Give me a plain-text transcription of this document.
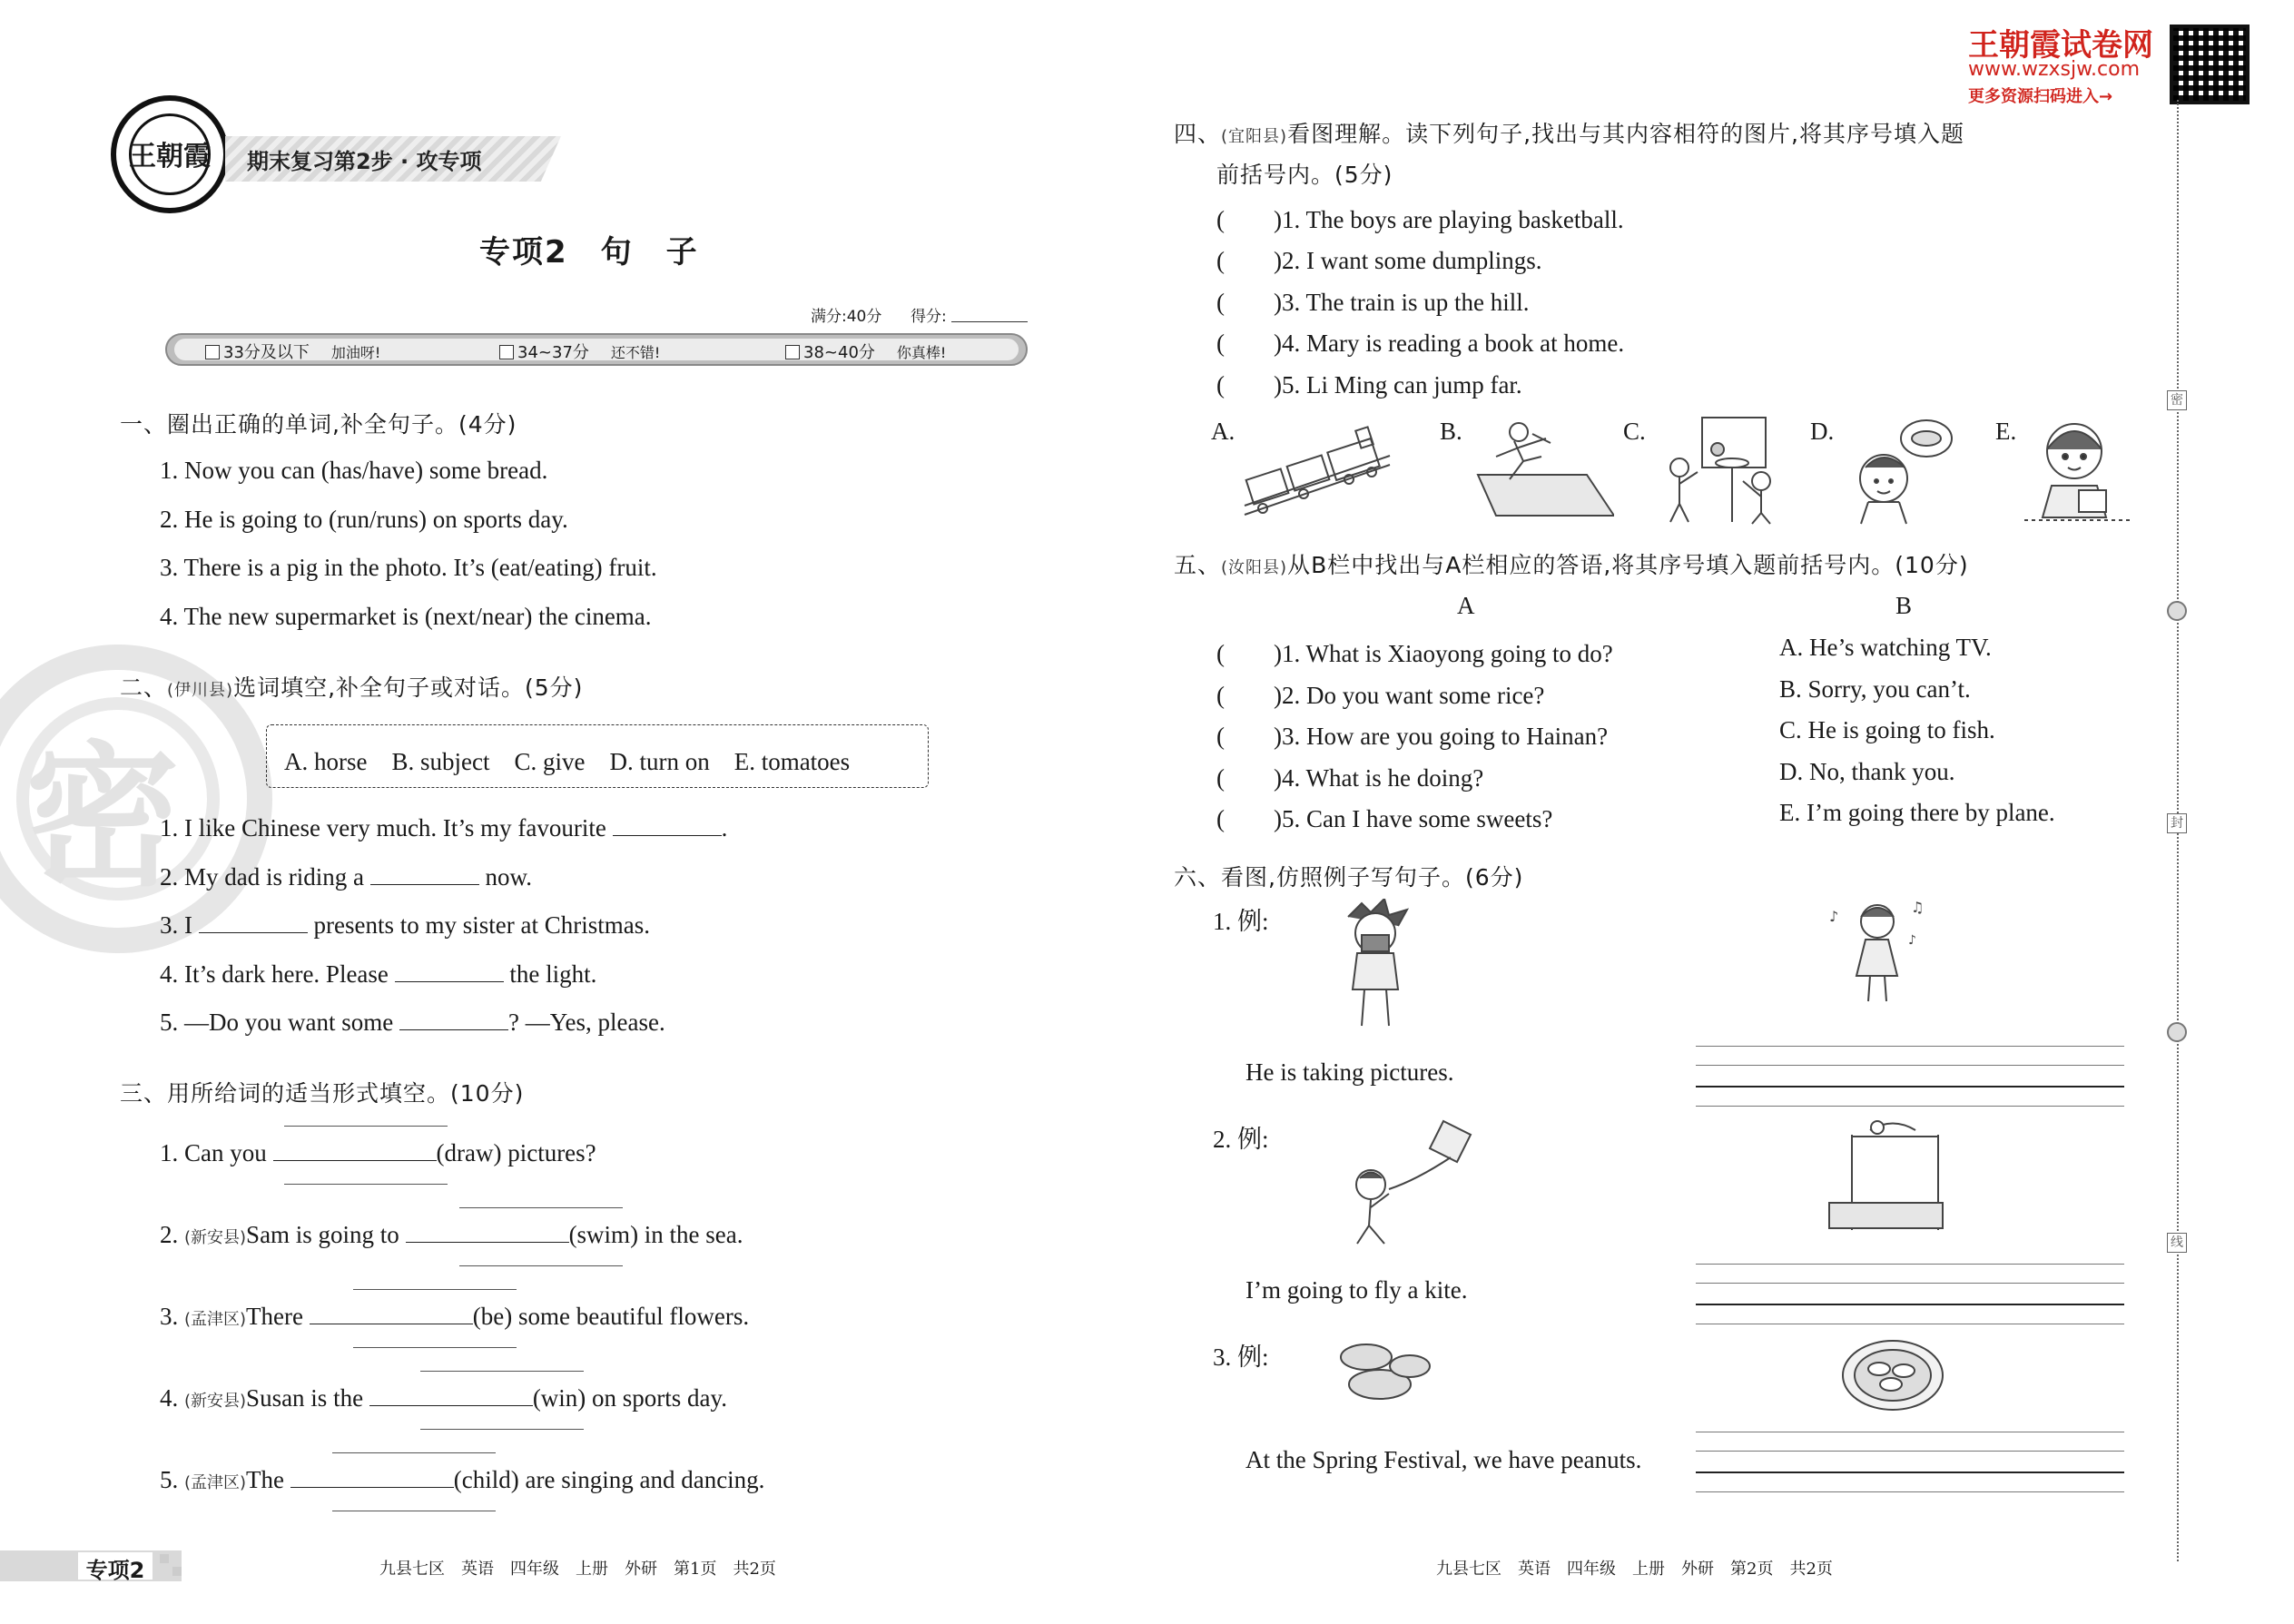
密
王朝霞 期末复习第2步 · 攻专项
专项2　句　子
满分:40分 得分:
33分及以下 加油呀!	34~37分 还不错!	38~40分 你真棒!
一、圈出正确的单词,补全句子。(4分)
1. Now you can (has/have) some bread.
2. He is going to (run/runs) on sports day.
3. There is a pig in the photo. It’s (eat/eating) fruit.
4. The new supermarket is (next/near) the cinema.
二、(伊川县)选词填空,补全句子或对话。(5分)
A. horse　B. subject　C. give　D. turn on　E. tomatoes
1. I like Chinese very much. It’s my favourite	.
2. My dad is riding a	now.
3. I	presents to my sister at Christmas.
4. It’s dark here. Please	the light.
5. —Do you want some	? —Yes, please.
三、用所给词的适当形式填空。(10分)
1. Can you	(draw) pictures?
2. (新安县)Sam is going to	(swim) in the sea.
3. (孟津区)There	(be) some beautiful flowers.
4. (新安县)Susan is the	(win) on sports day.
5. (孟津区)The	(child) are singing and dancing.
专项2	九县七区　英语　四年级　上册　外研　第1页　共2页
王朝霞试卷网
www.wzxsjw.com
更多资源扫码进入→
四、(宜阳县)看图理解。读下列句子,找出与其内容相符的图片,将其序号填入题
前括号内。(5分)
(　　)1. The boys are playing basketball.
(　　)2. I want some dumplings.
(　　)3. The train is up the hill.
(　　)4. Mary is reading a book at home.
(　　)5. Li Ming can jump far.
A.	B.	C.	D.	E.
五、(汝阳县)从B栏中找出与A栏相应的答语,将其序号填入题前括号内。(10分)
A	B
(　　)1. What is Xiaoyong going to do?
(　　)2. Do you want some rice?
(　　)3. How are you going to Hainan?
(　　)4. What is he doing?
(　　)5. Can I have some sweets?
A. He’s watching TV.
B. Sorry, you can’t.
C. He is going to fish.
D. No, thank you.
E. I’m going there by plane.
六、看图,仿照例子写句子。(6分)
1. 例:	♪
♫
♪
He is taking pictures.
2. 例:
I’m going to fly a kite.
3. 例:
At the Spring Festival, we have peanuts.
密
封
线
九县七区　英语　四年级　上册　外研　第2页　共2页
